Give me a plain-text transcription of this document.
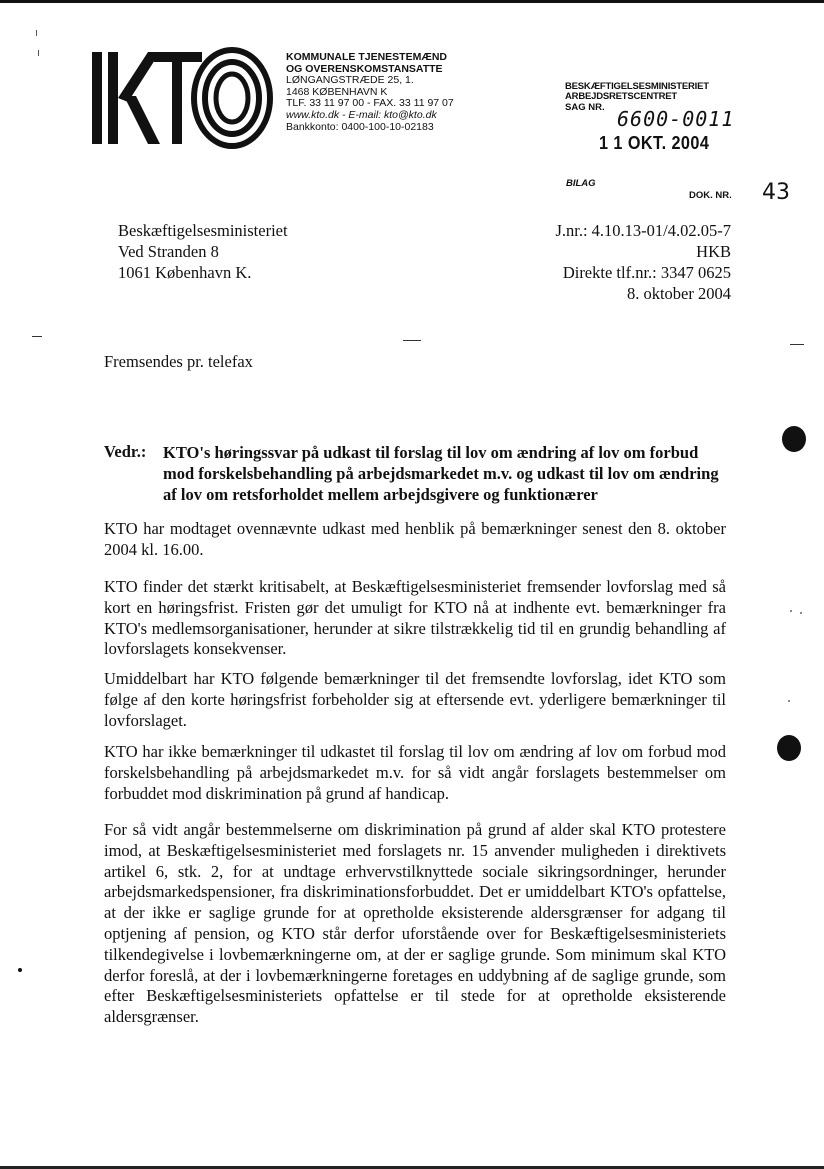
KOMMUNALE TJENESTEMÆND
OG OVERENSKOMSTANSATTE
LØNGANGSTRÆDE 25, 1.
1468 KØBENHAVN K
TLF. 33 11 97 00 - FAX. 33 11 97 07
www.kto.dk - E-mail: kto@kto.dk
Bankkonto: 0400-100-10-02183
BESKÆFTIGELSESMINISTERIET
ARBEJDSRETSCENTRET
SAG NR. 6600-0011
1 1 OKT. 2004
BILAG
DOK. NR. 43
Beskæftigelsesministeriet
Ved Stranden 8
1061 København K.
J.nr.: 4.10.13-01/4.02.05-7
HKB
Direkte tlf.nr.: 3347 0625
8. oktober 2004
Fremsendes pr. telefax
Vedr.: KTO's høringssvar på udkast til forslag til lov om ændring af lov om forbud mod forskelsbehandling på arbejdsmarkedet m.v. og udkast til lov om ændring af lov om retsforholdet mellem arbejdsgivere og funktionærer
KTO har modtaget ovennævnte udkast med henblik på bemærkninger senest den 8. oktober 2004 kl. 16.00.
KTO finder det stærkt kritisabelt, at Beskæftigelsesministeriet fremsender lovforslag med så kort en høringsfrist. Fristen gør det umuligt for KTO nå at indhente evt. bemærkninger fra KTO's medlemsorganisationer, herunder at sikre tilstrækkelig tid til en grundig behandling af lovforslagets konsekvenser.
Umiddelbart har KTO følgende bemærkninger til det fremsendte lovforslag, idet KTO som følge af den korte høringsfrist forbeholder sig at eftersende evt. yderligere bemærkninger til lovforslaget.
KTO har ikke bemærkninger til udkastet til forslag til lov om ændring af lov om forbud mod forskelsbehandling på arbejdsmarkedet m.v. for så vidt angår forslagets bestemmelser om forbuddet mod diskrimination på grund af handicap.
For så vidt angår bestemmelserne om diskrimination på grund af alder skal KTO protestere imod, at Beskæftigelsesministeriet med forslagets nr. 15 anvender muligheden i direktivets artikel 6, stk. 2, for at undtage erhvervstilknyttede sociale sikringsordninger, herunder arbejdsmarkedspensioner, fra diskriminationsforbuddet. Det er umiddelbart KTO's opfattelse, at der ikke er saglige grunde for at opretholde eksisterende aldersgrænser for adgang til optjening af pension, og KTO står derfor uforstående over for Beskæftigelsesministeriets tilkendegivelse i lovbemærkningerne om, at der er saglige grunde. Som minimum skal KTO derfor foreslå, at der i lovbemærkningerne foretages en uddybning af de saglige grunde, som efter Beskæftigelsesministeriets opfattelse er til stede for at opretholde eksisterende aldersgrænser.
